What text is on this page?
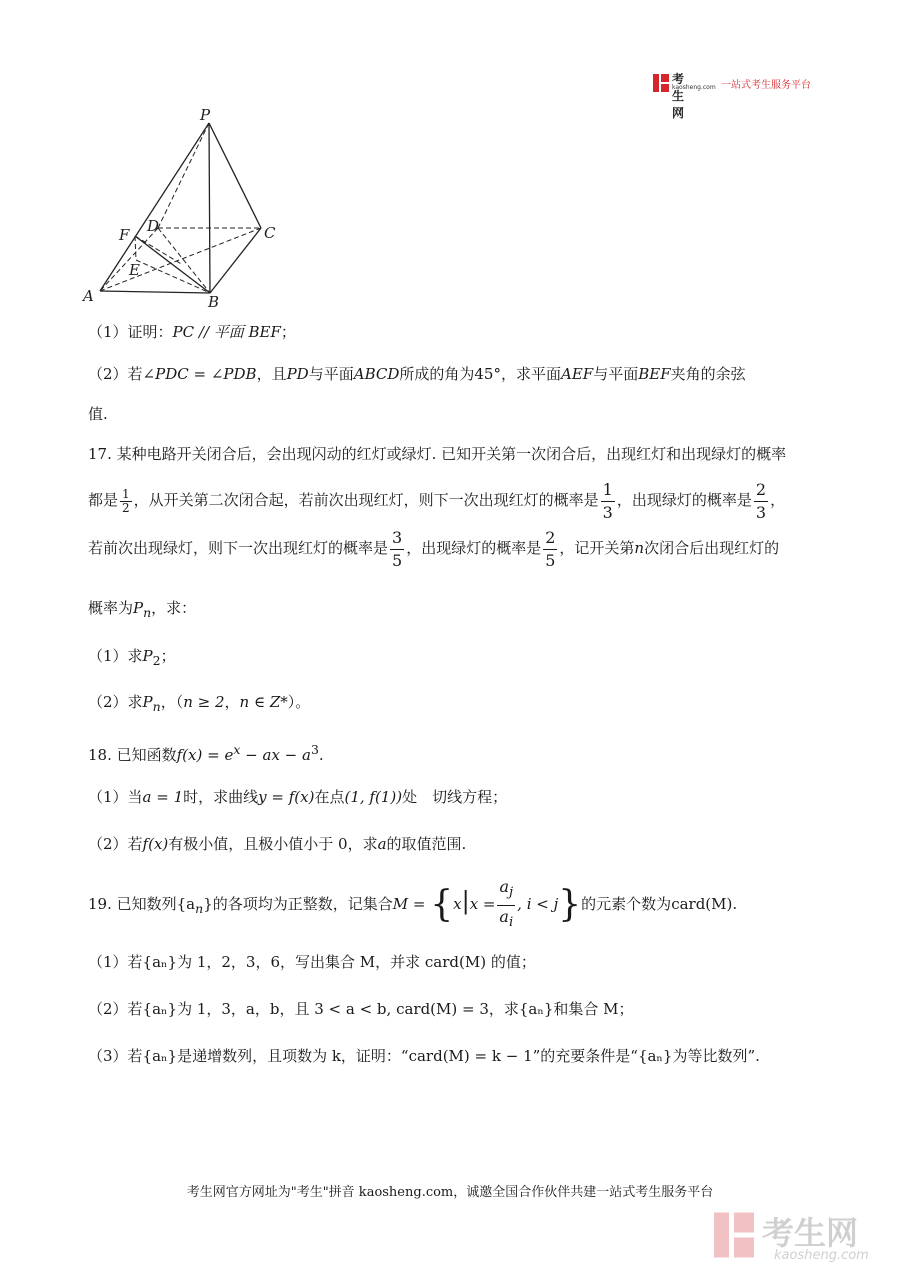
考生网
kaosheng.com 一站式考生服务平台
P
D	C
F
E
A	B
（1）证明：PC // 平面 BEF；
（2）若∠PDC = ∠PDB，且PD与平面ABCD所成的角为45°，求平面AEF与平面BEF夹角的余弦
值.
17. 某种电路开关闭合后，会出现闪动的红灯或绿灯. 已知开关第一次闭合后，出现红灯和出现绿灯的概率
都是 $\frac{1}{2}$ ，从开关第二次闭合起，若前次出现红灯，则下一次出现红灯的概率是 $\frac{1}{3}$ ，出现绿灯的概率是 $\frac{2}{3}$ ，
若前次出现绿灯，则下一次出现红灯的概率是 $\frac{3}{5}$ ，出现绿灯的概率是 $\frac{2}{5}$ ，记开关第n次闭合后出现红灯的
概率为$P_n$，求：
（1）求$P_2$；
（2）求$P_n$，（n ≥ 2，n ∈ Z*）。
18. 已知函数$f(x) = e^x$ − ax − $a^3$.
（1）当a = 1时，求曲线y = f(x)在点(1, f(1))处　切线方程；
（2）若f(x)有极小值，且极小值小于 0，求a的取值范围.
19. 已知数列$\{a_n\}$的各项均为正整数，记集合$M = \{x|x = \frac{a_j}{a_i}$ , i < j}的元素个数为card(M).
（1）若{aₙ}为 1，2，3，6，写出集合 M，并求 card(M) 的值；
（2）若{aₙ}为 1，3，a，b，且 3 < a < b, card(M) = 3，求{aₙ}和集合 M；
（3）若{aₙ}是递增数列，且项数为 k，证明：“card(M) = k − 1”的充要条件是“{aₙ}为等比数列”.
考生网官方网址为"考生"拼音 kaosheng.com，诚邀全国合作伙伴共建一站式考生服务平台
考生网
kaosheng.com
